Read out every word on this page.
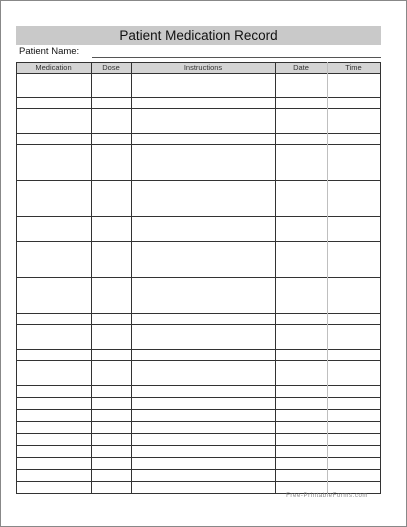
Patient Medication Record
Patient Name:
Medication	Dose	Instructions	Date	Time
Free-PrintableForms.com
